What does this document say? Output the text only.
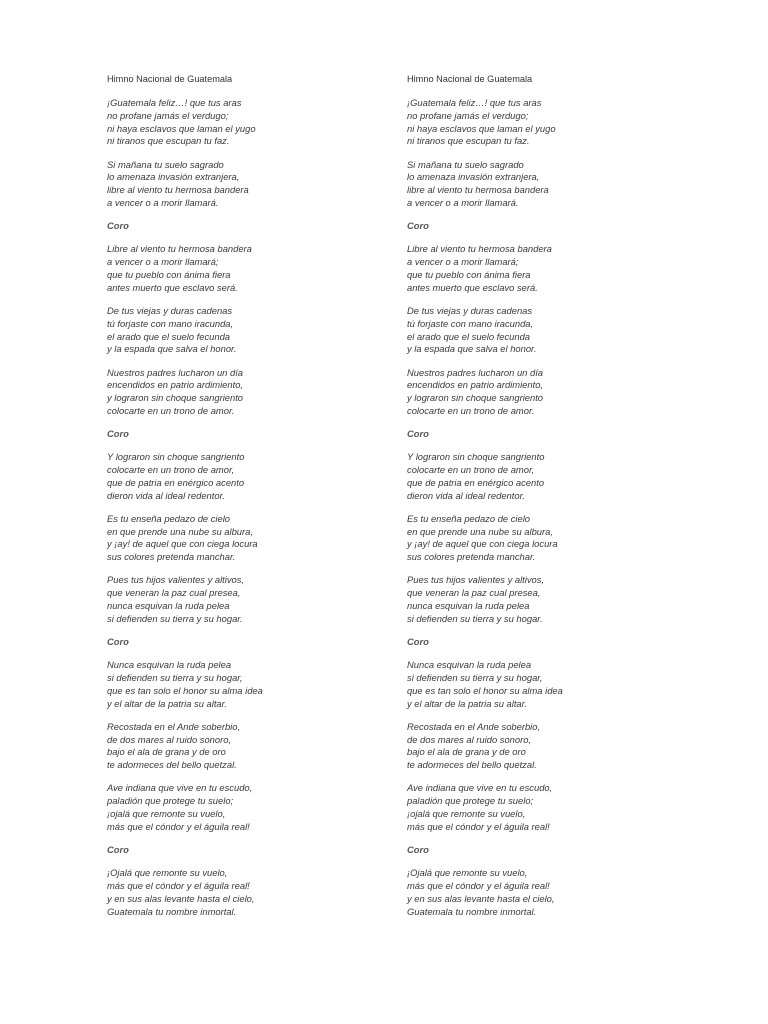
Himno Nacional de Guatemala
¡Guatemala feliz…! que tus aras
no profane jamás el verdugo;
ni haya esclavos que laman el yugo
ni tiranos que escupan tu faz.
Si mañana tu suelo sagrado
lo amenaza invasión extranjera,
libre al viento tu hermosa bandera
a vencer o a morir llamará.
Coro
Libre al viento tu hermosa bandera
a vencer o a morir llamará;
que tu pueblo con ánima fiera
antes muerto que esclavo será.
De tus viejas y duras cadenas
tú forjaste con mano iracunda,
el arado que el suelo fecunda
y la espada que salva el honor.
Nuestros padres lucharon un día
encendidos en patrio ardimiento,
y lograron sin choque sangriento
colocarte en un trono de amor.
Coro
Y lograron sin choque sangriento
colocarte en un trono de amor,
que de patria en enérgico acento
dieron vida al ideal redentor.
Es tu enseña pedazo de cielo
en que prende una nube su albura,
y ¡ay! de aquel que con ciega locura
sus colores pretenda manchar.
Pues tus hijos valientes y altivos,
que veneran la paz cual presea,
nunca esquivan la ruda pelea
si defienden su tierra y su hogar.
Coro
Nunca esquivan la ruda pelea
si defienden su tierra y su hogar,
que es tan solo el honor su alma idea
y el altar de la patria su altar.
Recostada en el Ande soberbio,
de dos mares al ruido sonoro,
bajo el ala de grana y de oro
te adormeces del bello quetzal.
Ave indiana que vive en tu escudo,
paladión que protege tu suelo;
¡ojalá que remonte su vuelo,
más que el cóndor y el águila real!
Coro
¡Ojalá que remonte su vuelo,
más que el cóndor y el águila real!
y en sus alas levante hasta el cielo,
Guatemala tu nombre inmortal.
Himno Nacional de Guatemala
¡Guatemala feliz…! que tus aras
no profane jamás el verdugo;
ni haya esclavos que laman el yugo
ni tiranos que escupan tu faz.
Si mañana tu suelo sagrado
lo amenaza invasión extranjera,
libre al viento tu hermosa bandera
a vencer o a morir llamará.
Coro
Libre al viento tu hermosa bandera
a vencer o a morir llamará;
que tu pueblo con ánima fiera
antes muerto que esclavo será.
De tus viejas y duras cadenas
tú forjaste con mano iracunda,
el arado que el suelo fecunda
y la espada que salva el honor.
Nuestros padres lucharon un día
encendidos en patrio ardimiento,
y lograron sin choque sangriento
colocarte en un trono de amor.
Coro
Y lograron sin choque sangriento
colocarte en un trono de amor,
que de patria en enérgico acento
dieron vida al ideal redentor.
Es tu enseña pedazo de cielo
en que prende una nube su albura,
y ¡ay! de aquel que con ciega locura
sus colores pretenda manchar.
Pues tus hijos valientes y altivos,
que veneran la paz cual presea,
nunca esquivan la ruda pelea
si defienden su tierra y su hogar.
Coro
Nunca esquivan la ruda pelea
si defienden su tierra y su hogar,
que es tan solo el honor su alma idea
y el altar de la patria su altar.
Recostada en el Ande soberbio,
de dos mares al ruido sonoro,
bajo el ala de grana y de oro
te adormeces del bello quetzal.
Ave indiana que vive en tu escudo,
paladión que protege tu suelo;
¡ojalá que remonte su vuelo,
más que el cóndor y el águila real!
Coro
¡Ojalá que remonte su vuelo,
más que el cóndor y el águila real!
y en sus alas levante hasta el cielo,
Guatemala tu nombre inmortal.
